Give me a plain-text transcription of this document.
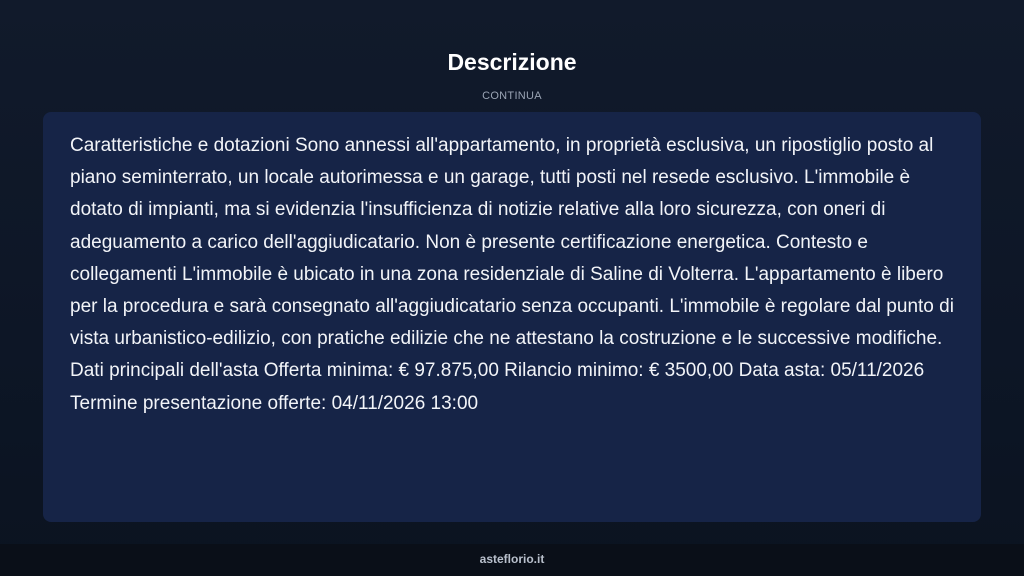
Descrizione
CONTINUA

Caratteristiche e dotazioni Sono annessi all'appartamento, in proprietà esclusiva, un ripostiglio posto al piano seminterrato, un locale autorimessa e un garage, tutti posti nel resede esclusivo. L'immobile è dotato di impianti, ma si evidenzia l'insufficienza di notizie relative alla loro sicurezza, con oneri di adeguamento a carico dell'aggiudicatario. Non è presente certificazione energetica. Contesto e collegamenti L'immobile è ubicato in una zona residenziale di Saline di Volterra. L'appartamento è libero per la procedura e sarà consegnato all'aggiudicatario senza occupanti. L'immobile è regolare dal punto di vista urbanistico-edilizio, con pratiche edilizie che ne attestano la costruzione e le successive modifiche. Dati principali dell'asta Offerta minima: € 97.875,00 Rilancio minimo: € 3500,00 Data asta: 05/11/2026 Termine presentazione offerte: 04/11/2026 13:00

asteflorio.it
